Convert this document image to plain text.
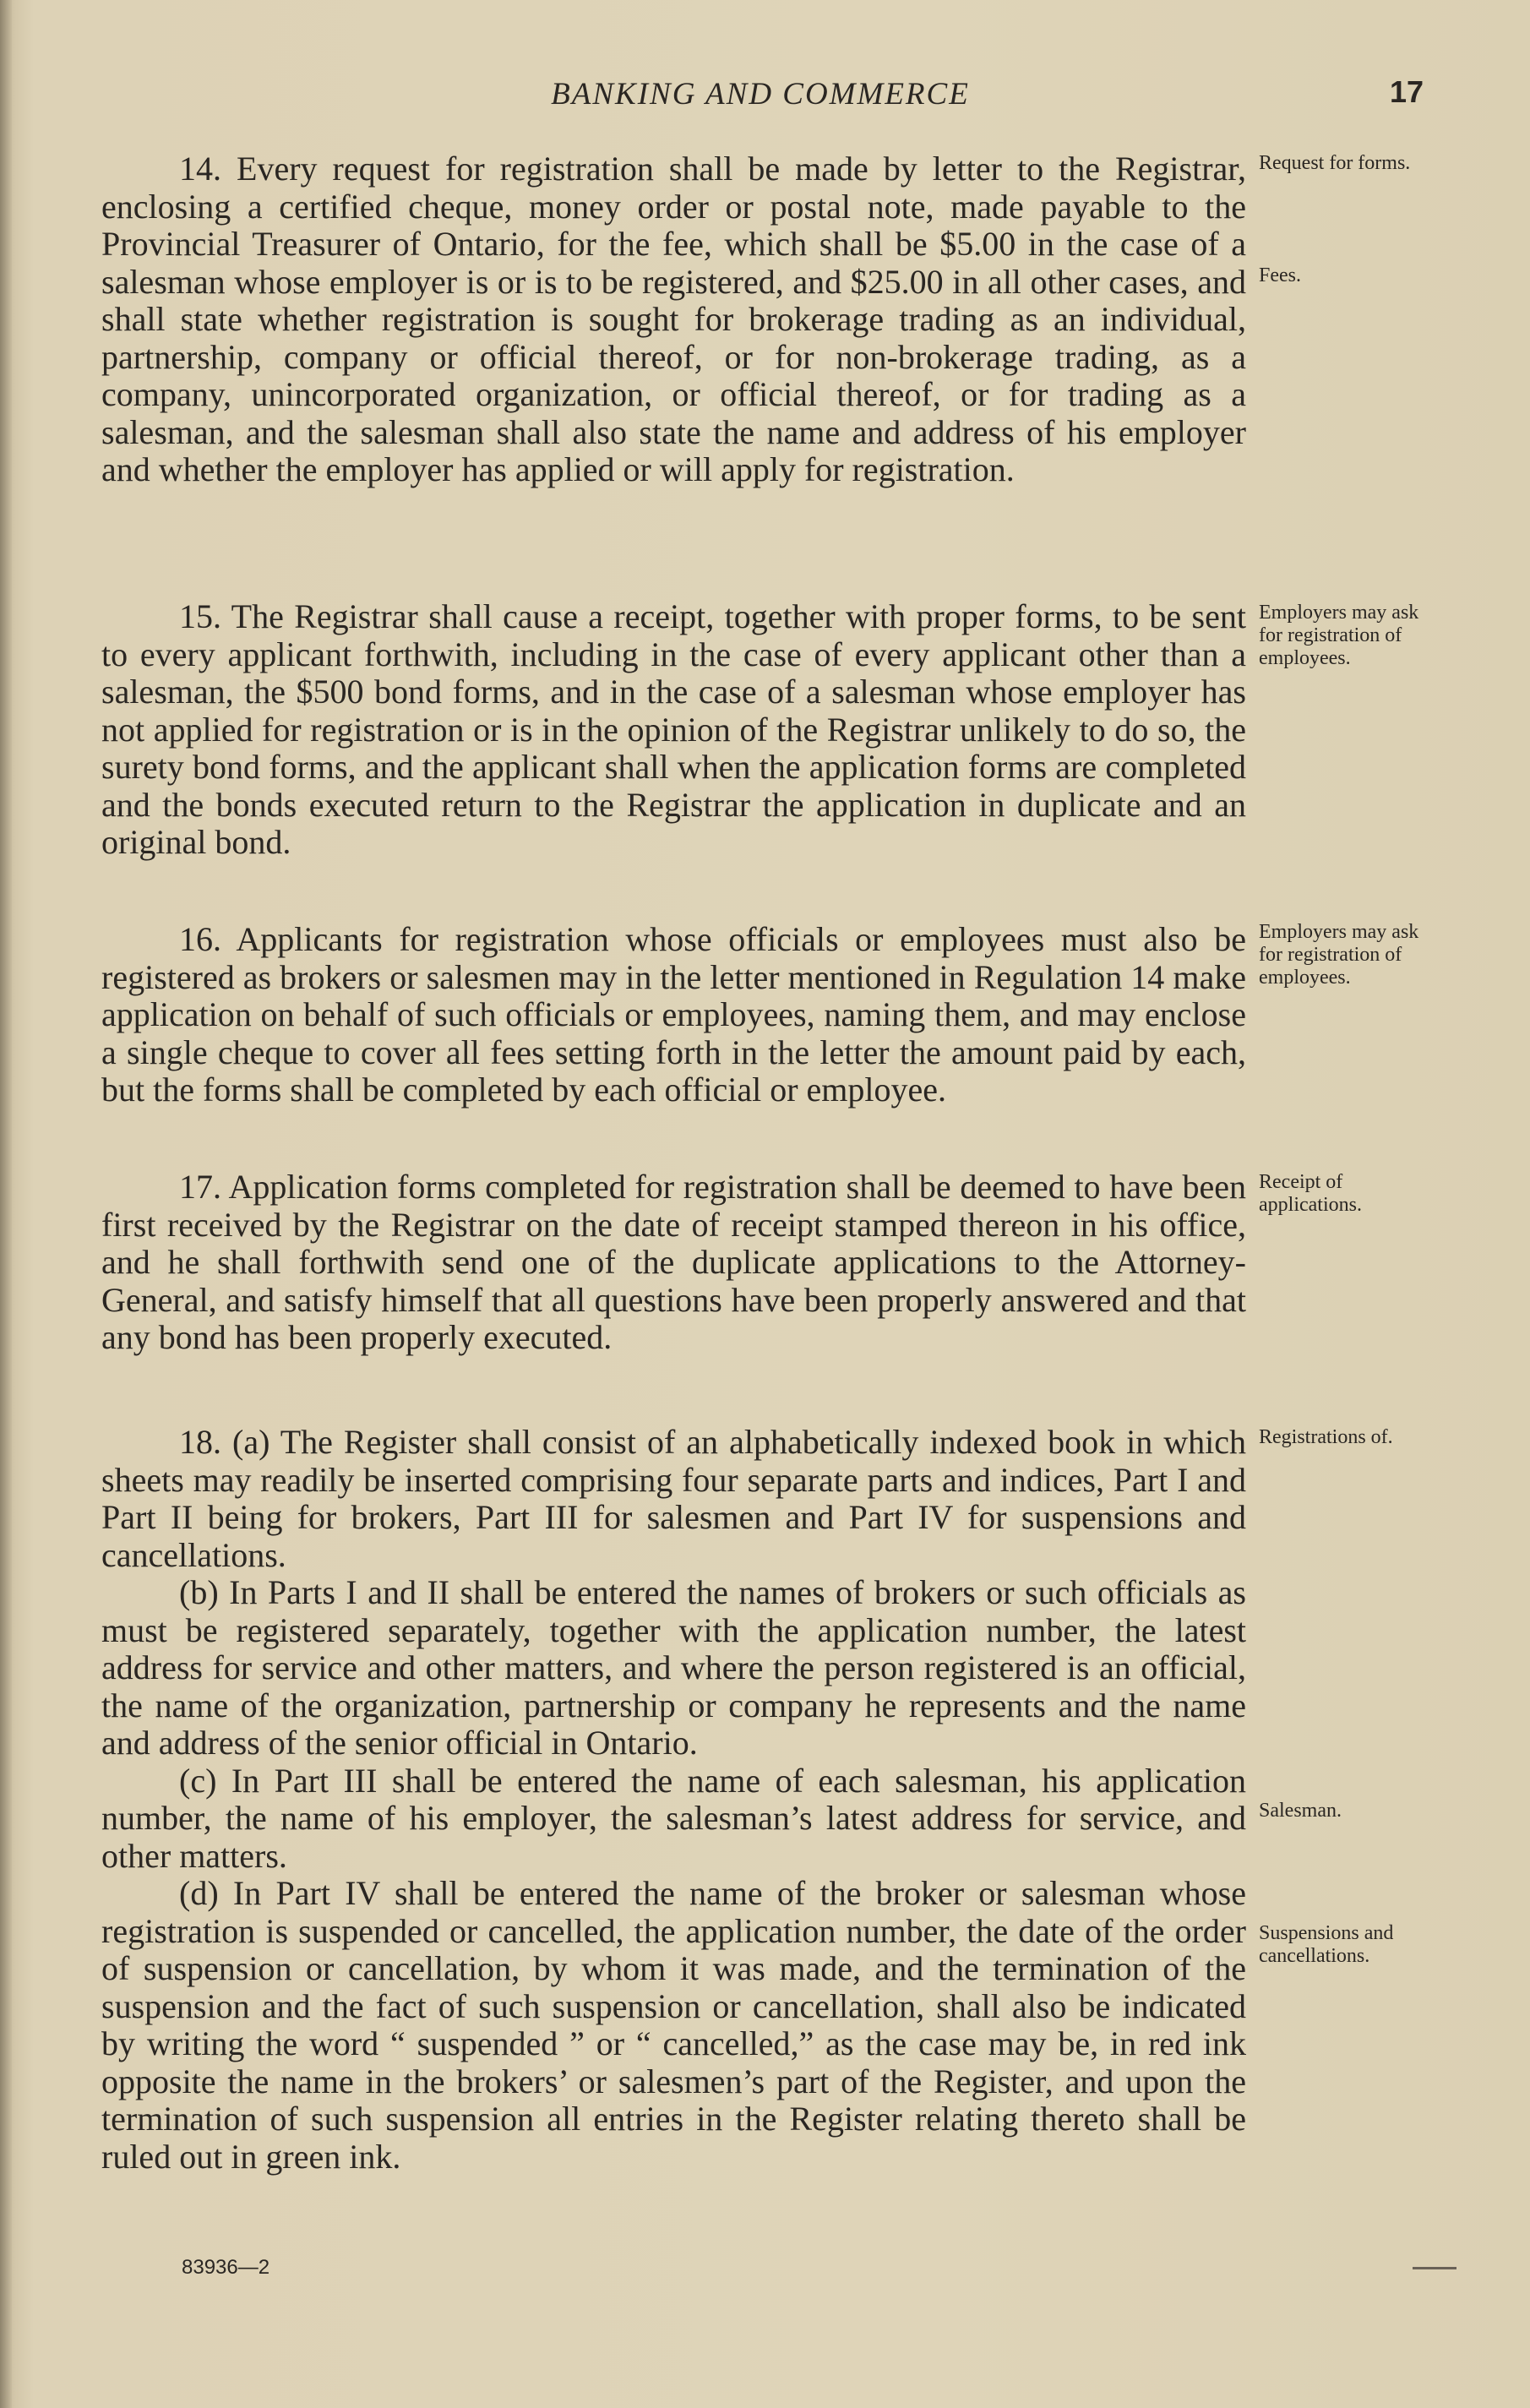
BANKING AND COMMERCE	17

14. Every request for registration shall be made by letter to the Registrar, enclosing a certified cheque, money order or postal note, made payable to the Provincial Treasurer of Ontario, for the fee, which shall be $5.00 in the case of a salesman whose employer is or is to be registered, and $25.00 in all other cases, and shall state whether registration is sought for brokerage trading as an individual, partnership, company or official thereof, or for non-brokerage trading, as a company, unincorporated organization, or official thereof, or for trading as a salesman, and the salesman shall also state the name and address of his employer and whether the employer has applied or will apply for registration.

Request for forms.
Fees.

15. The Registrar shall cause a receipt, together with proper forms, to be sent to every applicant forthwith, including in the case of every applicant other than a salesman, the $500 bond forms, and in the case of a salesman whose employer has not applied for registration or is in the opinion of the Registrar unlikely to do so, the surety bond forms, and the applicant shall when the application forms are completed and the bonds executed return to the Registrar the application in duplicate and an original bond.

Employers may ask for registration of employees.

16. Applicants for registration whose officials or employees must also be registered as brokers or salesmen may in the letter mentioned in Regulation 14 make application on behalf of such officials or employees, naming them, and may enclose a single cheque to cover all fees setting forth in the letter the amount paid by each, but the forms shall be completed by each official or employee.

Employers may ask for registration of employees.

17. Application forms completed for registration shall be deemed to have been first received by the Registrar on the date of receipt stamped thereon in his office, and he shall forthwith send one of the duplicate applications to the Attorney-General, and satisfy himself that all questions have been properly answered and that any bond has been properly executed.

Receipt of applications.

18. (a) The Register shall consist of an alphabetically indexed book in which sheets may readily be inserted comprising four separate parts and indices, Part I and Part II being for brokers, Part III for salesmen and Part IV for suspensions and cancellations.

(b) In Parts I and II shall be entered the names of brokers or such officials as must be registered separately, together with the application number, the latest address for service and other matters, and where the person registered is an official, the name of the organization, partnership or company he represents and the name and address of the senior official in Ontario.

(c) In Part III shall be entered the name of each salesman, his application number, the name of his employer, the salesman’s latest address for service, and other matters.

(d) In Part IV shall be entered the name of the broker or salesman whose registration is suspended or cancelled, the application number, the date of the order of suspension or cancellation, by whom it was made, and the termination of the suspension and the fact of such suspension or cancellation, shall also be indicated by writing the word “ suspended ” or “ cancelled,” as the case may be, in red ink opposite the name in the brokers’ or salesmen’s part of the Register, and upon the termination of such suspension all entries in the Register relating thereto shall be ruled out in green ink.

Registrations of.
Salesman.
Suspensions and cancellations.
83936—2
